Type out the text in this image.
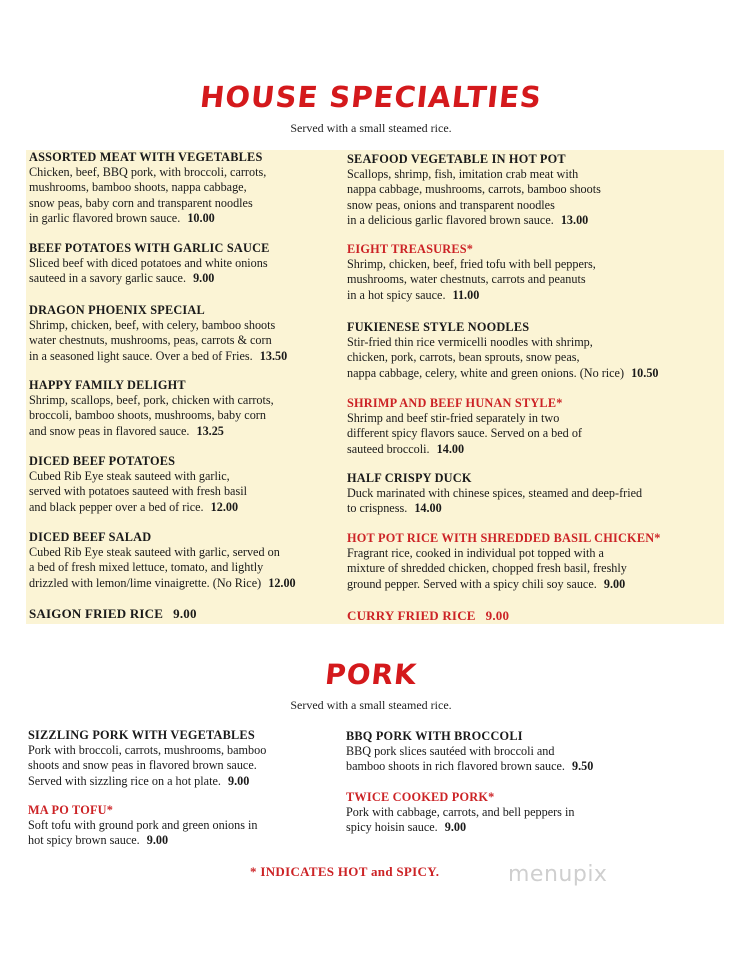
HOUSE SPECIALTIES
Served with a small steamed rice.
ASSORTED MEAT WITH VEGETABLES
Chicken, beef, BBQ pork, with broccoli, carrots,
mushrooms, bamboo shoots, nappa cabbage,
snow peas, baby corn and transparent noodles
in garlic flavored brown sauce. 10.00
BEEF POTATOES WITH GARLIC SAUCE
Sliced beef with diced potatoes and white onions
sauteed in a savory garlic sauce. 9.00
DRAGON PHOENIX SPECIAL
Shrimp, chicken, beef, with celery, bamboo shoots
water chestnuts, mushrooms, peas, carrots & corn
in a seasoned light sauce. Over a bed of Fries. 13.50
HAPPY FAMILY DELIGHT
Shrimp, scallops, beef, pork, chicken with carrots,
broccoli, bamboo shoots, mushrooms, baby corn
and snow peas in flavored sauce. 13.25
DICED BEEF POTATOES
Cubed Rib Eye steak sauteed with garlic,
served with potatoes sauteed with fresh basil
and black pepper over a bed of rice. 12.00
DICED BEEF SALAD
Cubed Rib Eye steak sauteed with garlic, served on
a bed of fresh mixed lettuce, tomato, and lightly
drizzled with lemon/lime vinaigrette. (No Rice) 12.00
SAIGON FRIED RICE 9.00
SEAFOOD VEGETABLE IN HOT POT
Scallops, shrimp, fish, imitation crab meat with
nappa cabbage, mushrooms, carrots, bamboo shoots
snow peas, onions and transparent noodles
in a delicious garlic flavored brown sauce. 13.00
EIGHT TREASURES*
Shrimp, chicken, beef, fried tofu with bell peppers,
mushrooms, water chestnuts, carrots and peanuts
in a hot spicy sauce. 11.00
FUKIENESE STYLE NOODLES
Stir-fried thin rice vermicelli noodles with shrimp,
chicken, pork, carrots, bean sprouts, snow peas,
nappa cabbage, celery, white and green onions. (No rice) 10.50
SHRIMP AND BEEF HUNAN STYLE*
Shrimp and beef stir-fried separately in two
different spicy flavors sauce. Served on a bed of
sauteed broccoli. 14.00
HALF CRISPY DUCK
Duck marinated with chinese spices, steamed and deep-fried
to crispness. 14.00
HOT POT RICE WITH SHREDDED BASIL CHICKEN*
Fragrant rice, cooked in individual pot topped with a
mixture of shredded chicken, chopped fresh basil, freshly
ground pepper. Served with a spicy chili soy sauce. 9.00
CURRY FRIED RICE 9.00
PORK
Served with a small steamed rice.
SIZZLING PORK WITH VEGETABLES
Pork with broccoli, carrots, mushrooms, bamboo
shoots and snow peas in flavored brown sauce.
Served with sizzling rice on a hot plate. 9.00
MA PO TOFU*
Soft tofu with ground pork and green onions in
hot spicy brown sauce. 9.00
BBQ PORK WITH BROCCOLI
BBQ pork slices sautéed with broccoli and
bamboo shoots in rich flavored brown sauce. 9.50
TWICE COOKED PORK*
Pork with cabbage, carrots, and bell peppers in
spicy hoisin sauce. 9.00
* INDICATES HOT and SPICY.	menupix
